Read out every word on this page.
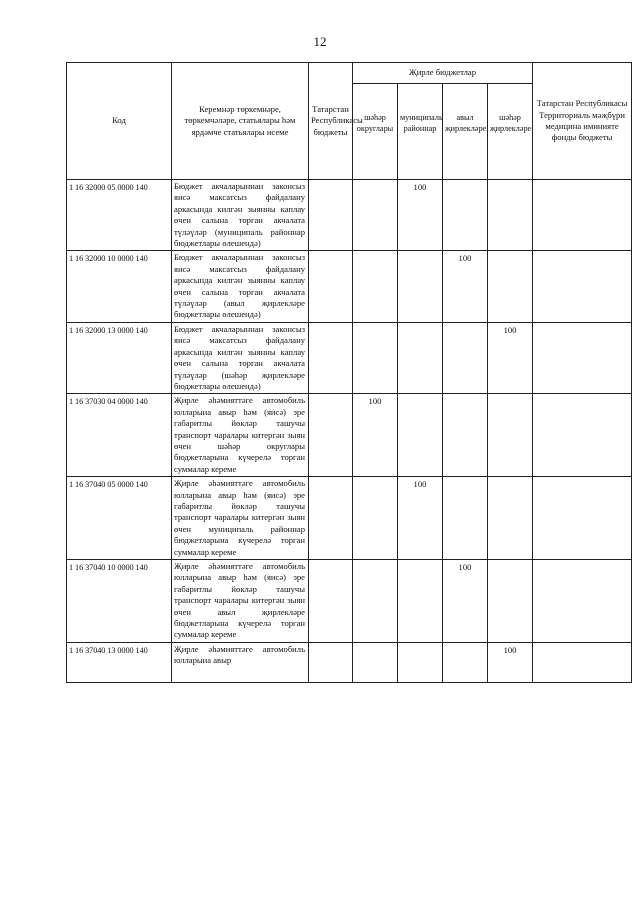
12
Код	Керемнәр төркемнәре, төркемчәләре, статьялары һәм ярдәмче статьялары исеме	Татарстан Республикасы бюджеты	Җирле бюджетлар				Татарстан Республикасы Территориаль мәҗбүри медицина иминияте фонды бюджеты
			шәһәр округлары	муниципаль районнар	авыл җирлекләре	шәһәр җирлекләре	
1 16 32000 05 0000 140	Бюджет акчаларыннан законсыз яисә максатсыз файдалану аркасында килгән зыянны каплау өчен салына торган акчалата түләүләр (муниципаль районнар бюджетлары өлешендә)			100			
1 16 32000 10 0000 140	Бюджет акчаларыннан законсыз яисә максатсыз файдалану аркасында килгән зыянны каплау өчен салына торган акчалата түләүләр (авыл җирлекләре бюджетлары өлешендә)				100		
1 16 32000 13 0000 140	Бюджет акчаларыннан законсыз яисә максатсыз файдалану аркасында килгән зыянны каплау өчен салына торган акчалата түләүләр (шәһәр җирлекләре бюджетлары өлешендә)					100	
1 16 37030 04 0000 140	Җирле әһәмияттәге автомобиль юлларына авыр һәм (яисә) эре габаритлы йөкләр ташучы транспорт чаралары китергән зыян өчен шәһәр округлары бюджетларына күчерелә торган суммалар кереме		100				
1 16 37040 05 0000 140	Җирле әһәмияттәге автомобиль юлларына авыр һәм (яисә) эре габаритлы йөкләр ташучы транспорт чаралары китергән зыян өчен муниципаль районнар бюджетларына күчерелә торган суммалар кереме			100			
1 16 37040 10 0000 140	Җирле әһәмияттәге автомобиль юлларына авыр һәм (яисә) эре габаритлы йөкләр ташучы транспорт чаралары китергән зыян өчен авыл җирлекләре бюджетларына күчерелә торган суммалар кереме				100		
1 16 37040 13 0000 140	Җирле әһәмияттәге автомобиль юлларына авыр					100	
